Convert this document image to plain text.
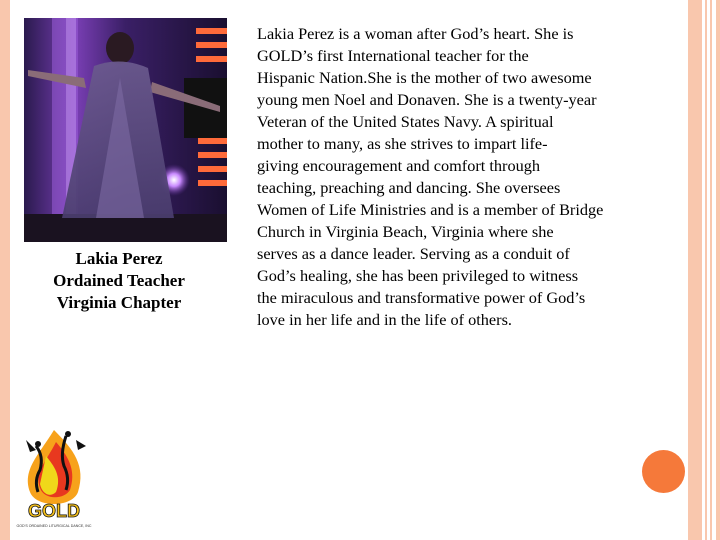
Lakia Perez
Ordained Teacher
Virginia Chapter
Lakia Perez is a woman after God’s heart. She is
GOLD’s first International teacher for the
Hispanic Nation.She is the mother of two awesome
young men Noel and Donaven. She is a twenty-year
Veteran of the United States Navy. A spiritual
mother to many, as she strives to impart life-
giving encouragement and comfort through
teaching, preaching and dancing. She oversees
Women of Life Ministries and is a member of Bridge
Church in Virginia Beach, Virginia where she
serves as a dance leader. Serving as a conduit of
God’s healing, she has been privileged to witness
the miraculous and transformative power of God’s
love in her life and in the life of others.
GOLD
GOD'S ORDAINED LITURGICAL DANCE, INC
